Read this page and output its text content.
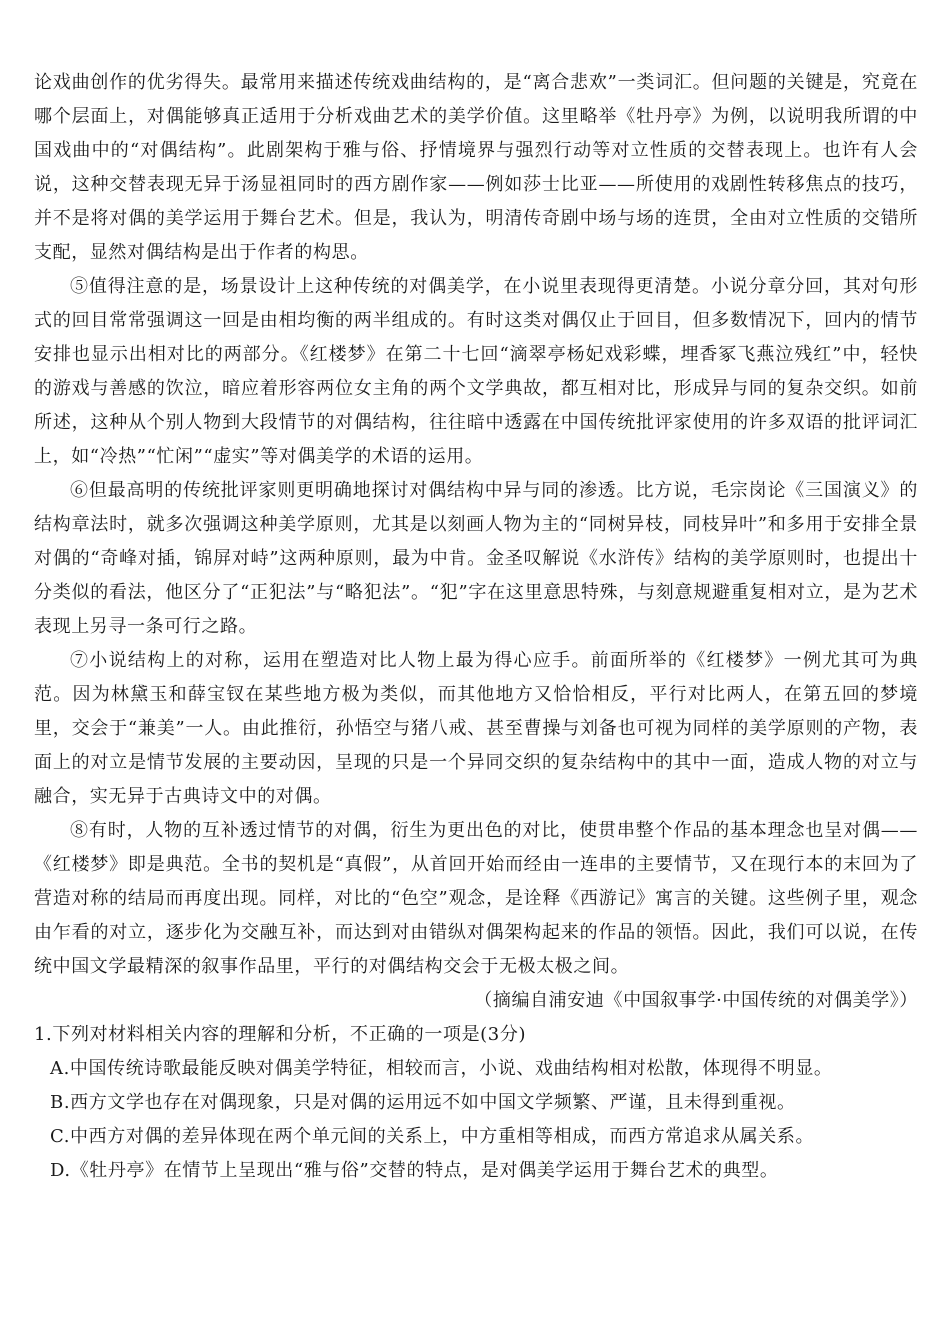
论戏曲创作的优劣得失。最常用来描述传统戏曲结构的，是“离合悲欢”一类词汇。但问题的关键是，究竟在哪个层面上，对偶能够真正适用于分析戏曲艺术的美学价值。这里略举《牡丹亭》为例，以说明我所谓的中国戏曲中的“对偶结构”。此剧架构于雅与俗、抒情境界与强烈行动等对立性质的交替表现上。也许有人会说，这种交替表现无异于汤显祖同时的西方剧作家——例如莎士比亚——所使用的戏剧性转移焦点的技巧，并不是将对偶的美学运用于舞台艺术。但是，我认为，明清传奇剧中场与场的连贯，全由对立性质的交错所支配，显然对偶结构是出于作者的构思。

⑤值得注意的是，场景设计上这种传统的对偶美学，在小说里表现得更清楚。小说分章分回，其对句形式的回目常常强调这一回是由相均衡的两半组成的。有时这类对偶仅止于回目，但多数情况下，回内的情节安排也显示出相对比的两部分。《红楼梦》在第二十七回“滴翠亭杨妃戏彩蝶，埋香冢飞燕泣残红”中，轻快的游戏与善感的饮泣，暗应着形容两位女主角的两个文学典故，都互相对比，形成异与同的复杂交织。如前所述，这种从个别人物到大段情节的对偶结构，往往暗中透露在中国传统批评家使用的许多双语的批评词汇上，如“冷热”“忙闲”“虚实”等对偶美学的术语的运用。

⑥但最高明的传统批评家则更明确地探讨对偶结构中异与同的渗透。比方说，毛宗岗论《三国演义》的结构章法时，就多次强调这种美学原则，尤其是以刻画人物为主的“同树异枝，同枝异叶”和多用于安排全景对偶的“奇峰对插，锦屏对峙”这两种原则，最为中肯。金圣叹解说《水浒传》结构的美学原则时，也提出十分类似的看法，他区分了“正犯法”与“略犯法”。“犯”字在这里意思特殊，与刻意规避重复相对立，是为艺术表现上另寻一条可行之路。

⑦小说结构上的对称，运用在塑造对比人物上最为得心应手。前面所举的《红楼梦》一例尤其可为典范。因为林黛玉和薛宝钗在某些地方极为类似，而其他地方又恰恰相反，平行对比两人，在第五回的梦境里，交会于“兼美”一人。由此推衍，孙悟空与猪八戒、甚至曹操与刘备也可视为同样的美学原则的产物，表面上的对立是情节发展的主要动因，呈现的只是一个异同交织的复杂结构中的其中一面，造成人物的对立与融合，实无异于古典诗文中的对偶。

⑧有时，人物的互补透过情节的对偶，衍生为更出色的对比，使贯串整个作品的基本理念也呈对偶——《红楼梦》即是典范。全书的契机是“真假”，从首回开始而经由一连串的主要情节，又在现行本的末回为了营造对称的结局而再度出现。同样，对比的“色空”观念，是诠释《西游记》寓言的关键。这些例子里，观念由乍看的对立，逐步化为交融互补，而达到对由错纵对偶架构起来的作品的领悟。因此，我们可以说，在传统中国文学最精深的叙事作品里，平行的对偶结构交会于无极太极之间。

（摘编自浦安迪《中国叙事学·中国传统的对偶美学》）

1.下列对材料相关内容的理解和分析，不正确的一项是(3分)

A.中国传统诗歌最能反映对偶美学特征，相较而言，小说、戏曲结构相对松散，体现得不明显。
B.西方文学也存在对偶现象，只是对偶的运用远不如中国文学频繁、严谨，且未得到重视。
C.中西方对偶的差异体现在两个单元间的关系上，中方重相等相成，而西方常追求从属关系。
D.《牡丹亭》在情节上呈现出“雅与俗”交替的特点，是对偶美学运用于舞台艺术的典型。
